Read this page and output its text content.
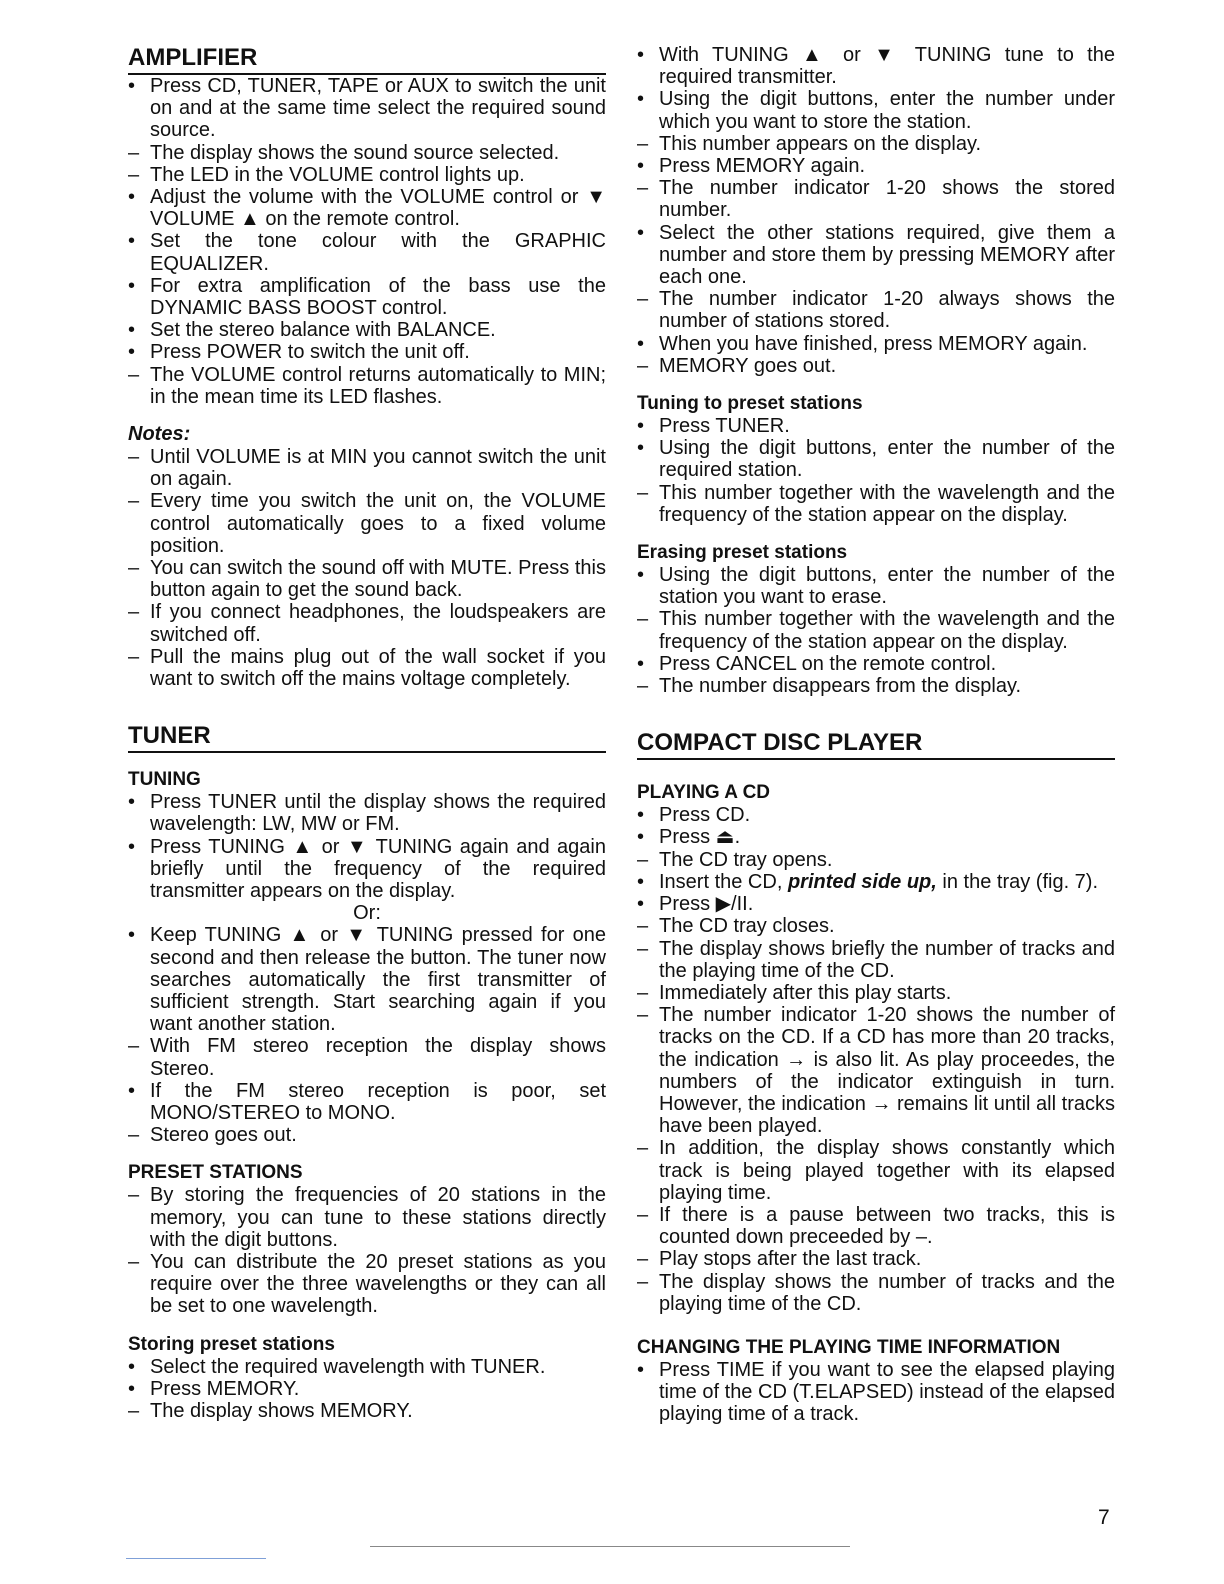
AMPLIFIER
• Press CD, TUNER, TAPE or AUX to switch the unit on and at the same time select the required sound source.
– The display shows the sound source selected.
– The LED in the VOLUME control lights up.
• Adjust the volume with the VOLUME control or ▼ VOLUME ▲ on the remote control.
• Set the tone colour with the GRAPHIC EQUALIZER.
• For extra amplification of the bass use the DYNAMIC BASS BOOST control.
• Set the stereo balance with BALANCE.
• Press POWER to switch the unit off.
– The VOLUME control returns automatically to MIN; in the mean time its LED flashes.
Notes:
– Until VOLUME is at MIN you cannot switch the unit on again.
– Every time you switch the unit on, the VOLUME control automatically goes to a fixed volume position.
– You can switch the sound off with MUTE. Press this button again to get the sound back.
– If you connect headphones, the loudspeakers are switched off.
– Pull the mains plug out of the wall socket if you want to switch off the mains voltage completely.
TUNER
TUNING
• Press TUNER until the display shows the required wavelength: LW, MW or FM.
• Press TUNING ▲ or ▼ TUNING again and again briefly until the frequency of the required transmitter appears on the display.
Or:
• Keep TUNING ▲ or ▼ TUNING pressed for one second and then release the button. The tuner now searches automatically the first transmitter of sufficient strength. Start searching again if you want another station.
– With FM stereo reception the display shows Stereo.
• If the FM stereo reception is poor, set MONO/STEREO to MONO.
– Stereo goes out.
PRESET STATIONS
– By storing the frequencies of 20 stations in the memory, you can tune to these stations directly with the digit buttons.
– You can distribute the 20 preset stations as you require over the three wavelengths or they can all be set to one wavelength.
Storing preset stations
• Select the required wavelength with TUNER.
• Press MEMORY.
– The display shows MEMORY.
• With TUNING ▲ or ▼ TUNING tune to the required transmitter.
• Using the digit buttons, enter the number under which you want to store the station.
– This number appears on the display.
• Press MEMORY again.
– The number indicator 1-20 shows the stored number.
• Select the other stations required, give them a number and store them by pressing MEMORY after each one.
– The number indicator 1-20 always shows the number of stations stored.
• When you have finished, press MEMORY again.
– MEMORY goes out.
Tuning to preset stations
• Press TUNER.
• Using the digit buttons, enter the number of the required station.
– This number together with the wavelength and the frequency of the station appear on the display.
Erasing preset stations
• Using the digit buttons, enter the number of the station you want to erase.
– This number together with the wavelength and the frequency of the station appear on the display.
• Press CANCEL on the remote control.
– The number disappears from the display.
COMPACT DISC PLAYER
PLAYING A CD
• Press CD.
• Press ⏏.
– The CD tray opens.
• Insert the CD, printed side up, in the tray (fig. 7).
• Press ▶/II.
– The CD tray closes.
– The display shows briefly the number of tracks and the playing time of the CD.
– Immediately after this play starts.
– The number indicator 1-20 shows the number of tracks on the CD. If a CD has more than 20 tracks, the indication → is also lit. As play proceedes, the numbers of the indicator extinguish in turn. However, the indication → remains lit until all tracks have been played.
– In addition, the display shows constantly which track is being played together with its elapsed playing time.
– If there is a pause between two tracks, this is counted down preceeded by –.
– Play stops after the last track.
– The display shows the number of tracks and the playing time of the CD.
CHANGING THE PLAYING TIME INFORMATION
• Press TIME if you want to see the elapsed playing time of the CD (T.ELAPSED) instead of the elapsed playing time of a track.
7
